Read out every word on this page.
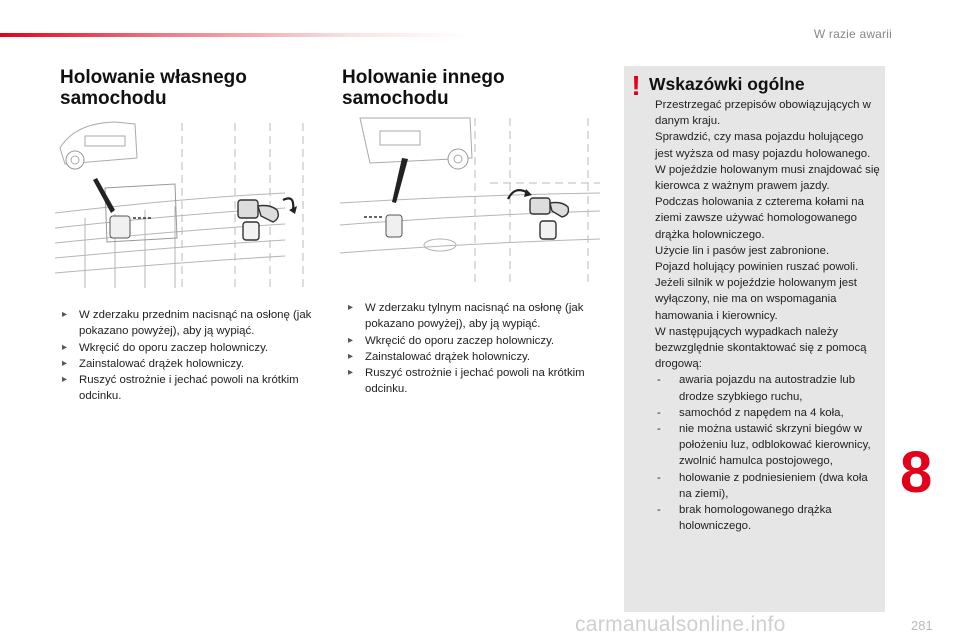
W razie awarii
Holowanie własnego samochodu
▸ W zderzaku przednim nacisnąć na osłonę (jak pokazano powyżej), aby ją wypiąć.
▸ Wkręcić do oporu zaczep holowniczy.
▸ Zainstalować drążek holowniczy.
▸ Ruszyć ostrożnie i jechać powoli na krótkim odcinku.
Holowanie innego samochodu
▸ W zderzaku tylnym nacisnąć na osłonę (jak pokazano powyżej), aby ją wypiąć.
▸ Wkręcić do oporu zaczep holowniczy.
▸ Zainstalować drążek holowniczy.
▸ Ruszyć ostrożnie i jechać powoli na krótkim odcinku.
! Wskazówki ogólne

Przestrzegać przepisów obowiązujących w danym kraju.

Sprawdzić, czy masa pojazdu holującego jest wyższa od masy pojazdu holowanego.

W pojeździe holowanym musi znajdować się kierowca z ważnym prawem jazdy.

Podczas holowania z czterema kołami na ziemi zawsze używać homologowanego drążka holowniczego.

Użycie lin i pasów jest zabronione.

Pojazd holujący powinien ruszać powoli.

Jeżeli silnik w pojeździe holowanym jest wyłączony, nie ma on wspomagania hamowania i kierownicy.

W następujących wypadkach należy bezwzględnie skontaktować się z pomocą drogową:

- awaria pojazdu na autostradzie lub drodze szybkiego ruchu,
- samochód z napędem na 4 koła,
- nie można ustawić skrzyni biegów w położeniu luz, odblokować kierownicy, zwolnić hamulca postojowego,
- holowanie z podniesieniem (dwa koła na ziemi),
- brak homologowanego drążka holowniczego.
8
carmanualsonline.info	281
